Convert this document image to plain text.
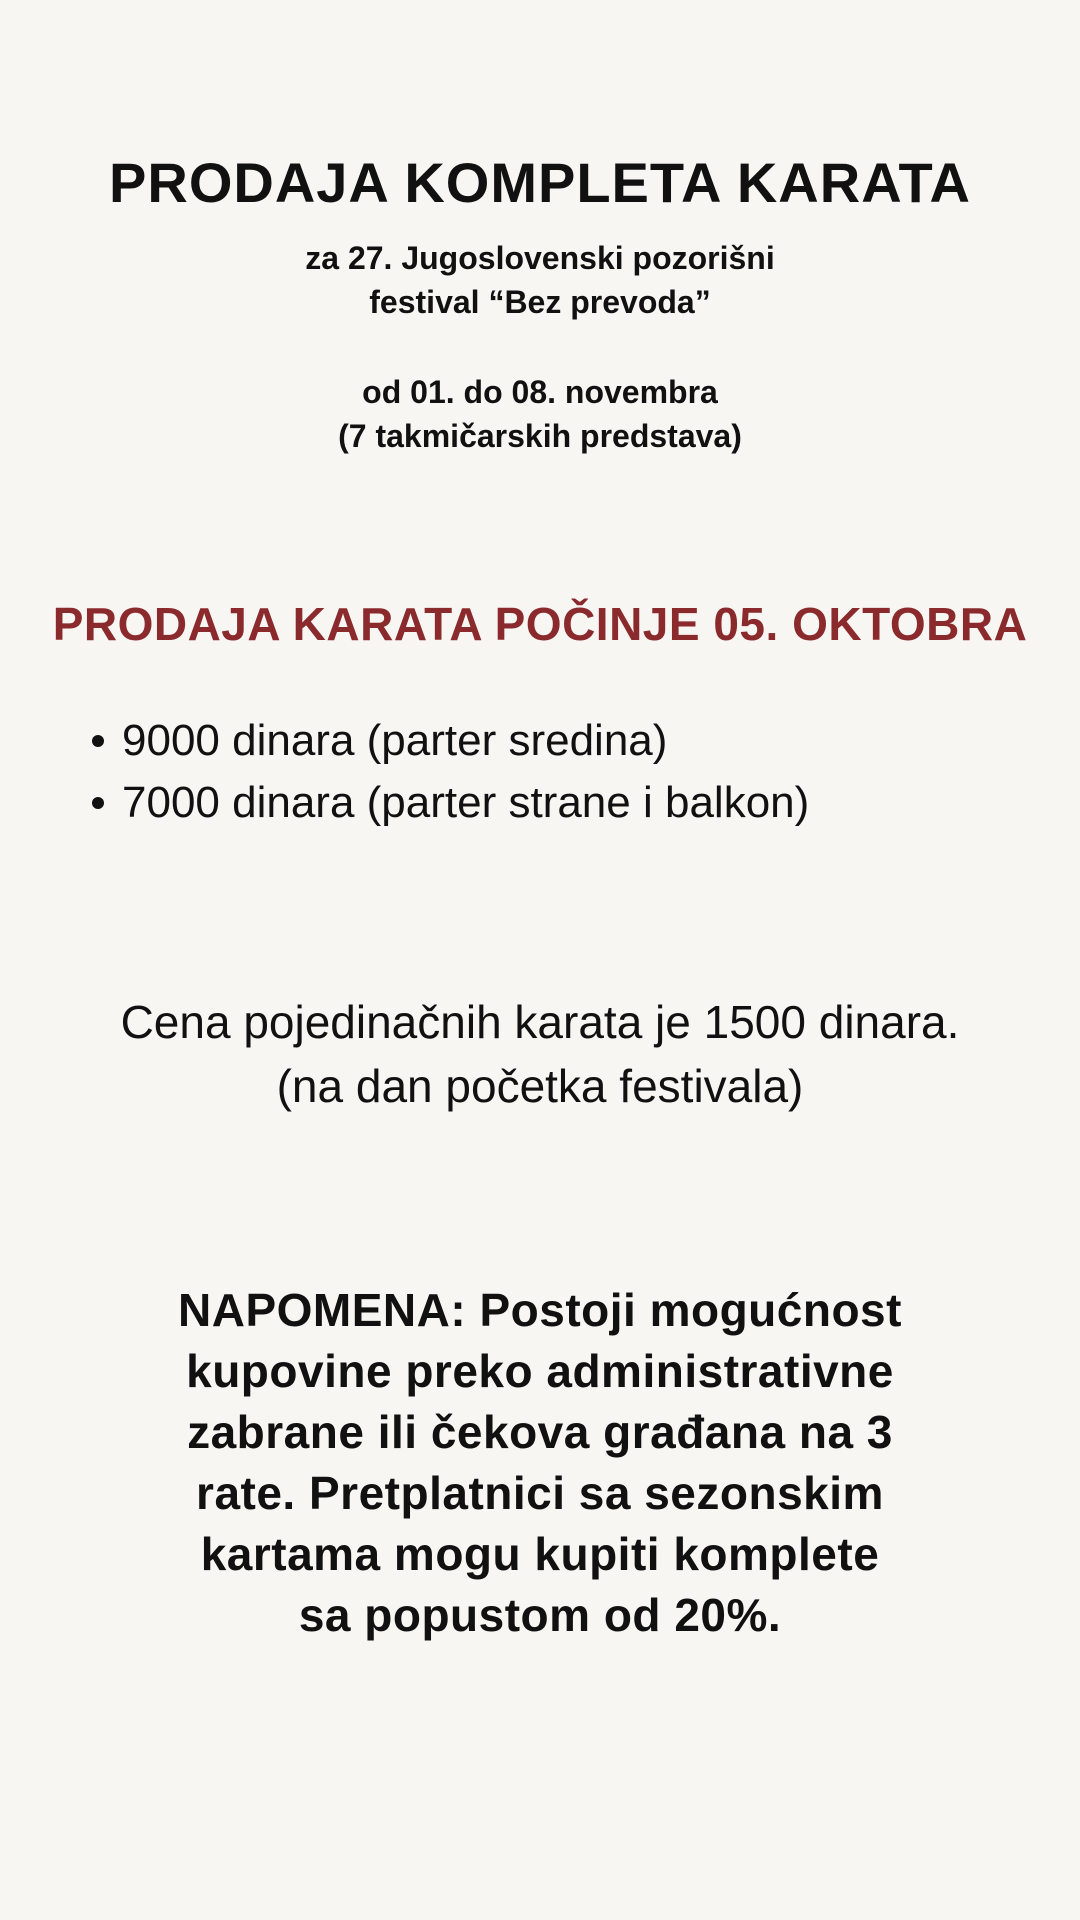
PRODAJA KOMPLETA KARATA
za 27. Jugoslovenski pozorišni
festival “Bez prevoda”
od 01. do 08. novembra
(7 takmičarskih predstava)
PRODAJA KARATA POČINJE 05. OKTOBRA
9000 dinara (parter sredina)
7000 dinara (parter strane i balkon)
Cena pojedinačnih karata je 1500 dinara.
(na dan početka festivala)
NAPOMENA: Postoji mogućnost kupovine preko administrativne zabrane ili čekova građana na 3 rate. Pretplatnici sa sezonskim kartama mogu kupiti komplete sa popustom od 20%.
